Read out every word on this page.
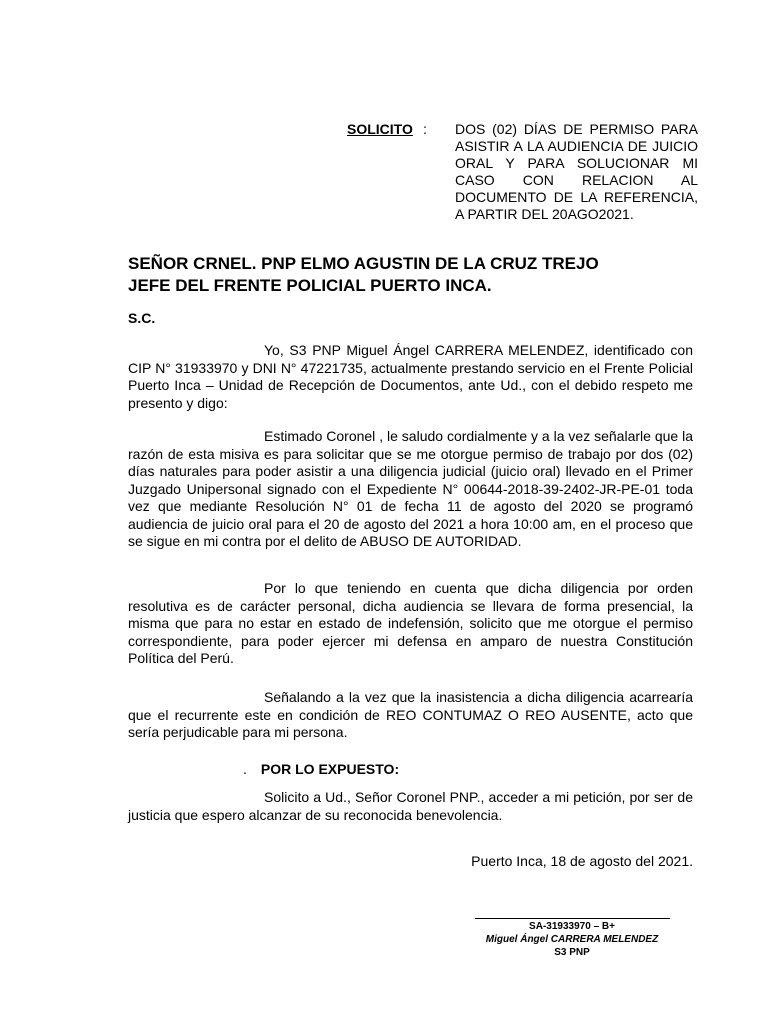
SOLICITO : DOS (02) DÍAS DE PERMISO PARA ASISTIR A LA AUDIENCIA DE JUICIO ORAL Y PARA SOLUCIONAR MI CASO CON RELACION AL DOCUMENTO DE LA REFERENCIA, A PARTIR DEL 20AGO2021.
SEÑOR CRNEL. PNP ELMO AGUSTIN DE LA CRUZ TREJO
JEFE DEL FRENTE POLICIAL PUERTO INCA.
S.C.
Yo, S3 PNP Miguel Ángel CARRERA MELENDEZ, identificado con CIP N° 31933970 y DNI N° 47221735, actualmente prestando servicio en el Frente Policial Puerto Inca – Unidad de Recepción de Documentos, ante Ud., con el debido respeto me presento y digo:
Estimado Coronel , le saludo cordialmente y a la vez señalarle que la razón de esta misiva es para solicitar que se me otorgue permiso de trabajo por dos (02) días naturales para poder asistir a una diligencia judicial (juicio oral) llevado en el Primer Juzgado Unipersonal signado con el Expediente N° 00644-2018-39-2402-JR-PE-01 toda vez que mediante Resolución N° 01 de fecha 11 de agosto del 2020 se programó audiencia de juicio oral para el 20 de agosto del 2021 a hora 10:00 am, en el proceso que se sigue en mi contra por el delito de ABUSO DE AUTORIDAD.
Por lo que teniendo en cuenta que dicha diligencia por orden resolutiva es de carácter personal, dicha audiencia se llevara de forma presencial, la misma que para no estar en estado de indefensión, solicito que me otorgue el permiso correspondiente, para poder ejercer mi defensa en amparo de nuestra Constitución Política del Perú.
Señalando a la vez que la inasistencia a dicha diligencia acarrearía que el recurrente este en condición de REO CONTUMAZ O REO AUSENTE, acto que sería perjudicable para mi persona.
. POR LO EXPUESTO:
Solicito a Ud., Señor Coronel PNP., acceder a mi petición, por ser de justicia que espero alcanzar de su reconocida benevolencia.
Puerto Inca, 18 de agosto del 2021.
SA-31933970 – B+
Miguel Ángel CARRERA MELENDEZ
S3 PNP
